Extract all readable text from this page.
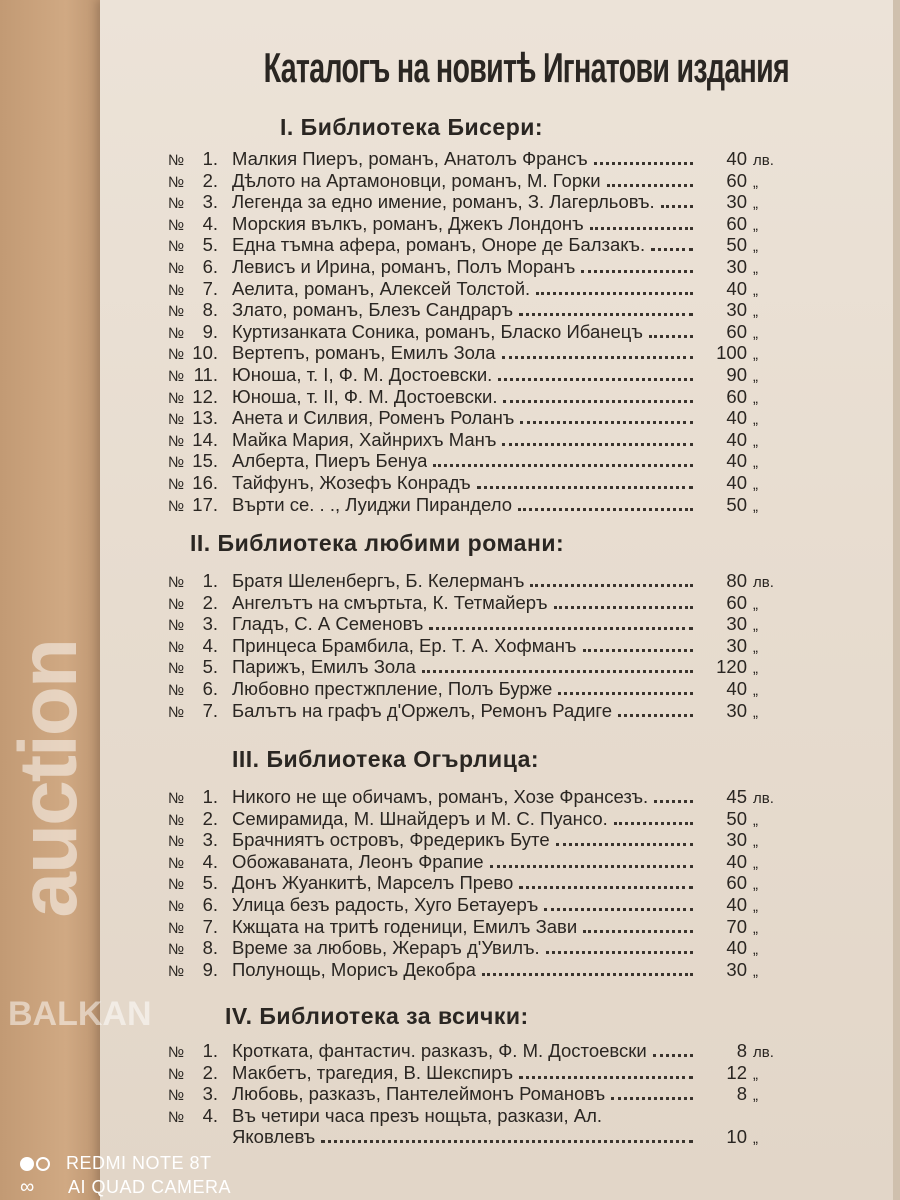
Каталогъ на новитѣ Игнатови издания
I. Библиотека Бисери:
№ 1. Малкия Пиеръ, романъ, Анатолъ Франсъ	40 лв.
№ 2. Дѣлото на Артамоновци, романъ, М. Горки	60 „
№ 3. Легенда за едно имение, романъ, З. Лагерльовъ.	30 „
№ 4. Морския вълкъ, романъ, Джекъ Лондонъ	60 „
№ 5. Една тъмна афера, романъ, Оноре де Балзакъ.	50 „
№ 6. Левисъ и Ирина, романъ, Полъ Моранъ	30 „
№ 7. Аелита, романъ, Алексей Толстой.	40 „
№ 8. Злато, романъ, Блезъ Сандраръ	30 „
№ 9. Куртизанката Соника, романъ, Бласко Ибанецъ	60 „
№ 10. Вертепъ, романъ, Емилъ Зола	100 „
№ 11. Юноша, т. I, Ф. М. Достоевски.	90 „
№ 12. Юноша, т. II, Ф. М. Достоевски.	60 „
№ 13. Анета и Силвия, Роменъ Роланъ	40 „
№ 14. Майка Мария, Хайнрихъ Манъ	40 „
№ 15. Алберта, Пиеръ Бенуа	40 „
№ 16. Тайфунъ, Жозефъ Конрадъ	40 „
№ 17. Върти се. . ., Луиджи Пирандело	50 „
II. Библиотека любими романи:
№ 1. Братя Шеленбергъ, Б. Келерманъ	80 лв.
№ 2. Ангелътъ на смъртьта, К. Тетмайеръ	60 „
№ 3. Гладъ, С. А Семеновъ	30 „
№ 4. Принцеса Брамбила, Ер. Т. А. Хофманъ	30 „
№ 5. Парижъ, Емилъ Зола	120 „
№ 6. Любовно престжпление, Полъ Бурже	40 „
№ 7. Балътъ на графъ д'Оржелъ, Ремонъ Радиге	30 „
III. Библиотека Огърлица:
№ 1. Никого не ще обичамъ, романъ, Хозе Франсезъ.	45 лв.
№ 2. Семирамида, М. Шнайдеръ и М. С. Пуансо.	50 „
№ 3. Брачниятъ островъ, Фредерикъ Буте	30 „
№ 4. Обожаваната, Леонъ Фрапие	40 „
№ 5. Донъ Жуанкитѣ, Марселъ Прево	60 „
№ 6. Улица безъ радость, Хуго Бетауеръ	40 „
№ 7. Кжщата на тритѣ годеници, Емилъ Зави	70 „
№ 8. Време за любовь, Жераръ д'Увилъ.	40 „
№ 9. Полунощь, Морисъ Декобра	30 „
IV. Библиотека за всички:
№ 1. Кротката, фантастич. разказъ, Ф. М. Достоевски	8 лв.
№ 2. Макбетъ, трагедия, В. Шекспиръ	12 „
№ 3. Любовь, разказъ, Пантелеймонъ Романовъ	8 „
№ 4. Въ четири часа презъ нощьта, разкази, Ал.
Яковлевъ	10 „
BALKAN
auction
REDMI NOTE 8T
∞ AI QUAD CAMERA
